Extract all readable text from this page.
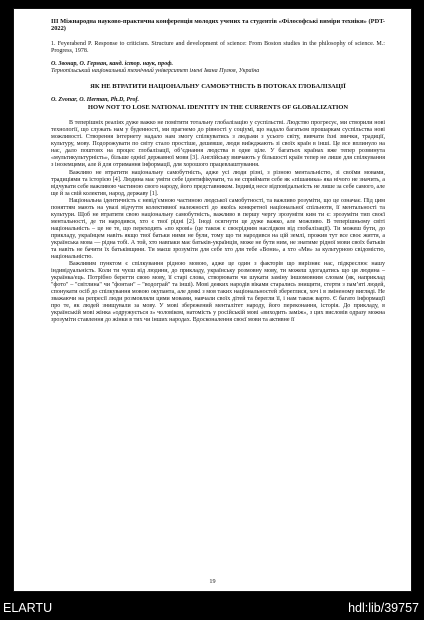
ІІІ Міжнародна науково-практична конференція молодих учених та студентів «Філософські виміри техніки» (PDT-2022)

1. Feyerabend P. Response to criticism. Structure and development of science: From Boston studies in the philosophy of science. M.: Progress, 1978.

О. Звонар, О. Герман, канд. істор. наук, проф.

Тернопільський національний технічний університет імені Івана Пулюя, Україна

ЯК НЕ ВТРАТИТИ НАЦІОНАЛЬНУ САМОБУТНІСТЬ В ПОТОКАХ ГЛОБАЛІЗАЦІЇ

O. Zvonar, O. Herman, Ph.D, Prof.

HOW NOT TO LOSE NATIONAL IDENTITY IN THE CURRENTS OF GLOBALIZATION

В теперішніх реаліях дуже важко не помітити тотальну глобалізацію у суспільстві. Людство прогресує, ми створили нові технології, що служать нам у буденності, ми прагнемо до рівності у соціумі, що надало багатьом прошаркам суспільства нові можливості. Створення інтернету надало нам змогу спілкуватись з людьми з усього світу, вивчати їхні звички, традиції, культуру, мову. Подорожувати по світу стало простіше, дешевше, люди виїжджають зі своїх країн в інші. Це все вплинуло на нас, дало поштовх на процес глобалізації, об’єднання людства в одне ціле. У багатьох країнах вже тепер розвинута «мультикультурність», більше однієї державної мови [3]. Англійську вивчають у більшості країн тепер не лише для спілкування з іноземцями, але й для отримання інформації, для хорошого працевлаштування.

Важливо не втратити національну самобутність, адже усі люди різні, з різною ментальністю, зі своїми мовами, традиціями та історією [4]. Людина має уміти себе ідентифікувати, та не сприймати себе як «пішаника» яка нічого не значить, а відчувати себе важливою частиною свого народу, його представником. Індивід несе відповідальність не лише за себе самого, але ще й за свій колектив, народ, державу [1].

Національна ідентичність є невід’ємною частиною людської самобутності, та важливо розуміти, що це означає. Під цим поняттям мають на увазі відчуття колективної належності до якоїсь конкретної національної спільноти, її ментальності та культури. Щоб не втратити свою національну самобутність, важливо в першу чергу зрозуміти ким ти є: зрозуміти тип своєї ментальності, де ти народився, хто є твої рідні [2]. Іноді осягнути це дуже важко, але можливо. В теперішньому світі національність – це не те, що переходить «по крові» (це також є своєрідним наслідком від глобалізації). Ти можеш бути, до прикладу, українцем навіть якщо твої батьки ними не були, тому що ти народився на цій землі, прожив тут все своє життя, а українська мова — рідна тобі. А той, хто навпаки має батьків-українців, може не бути ним, не знатиме рідної мови своїх батьків та навіть не бачити їх батьківщини. Ти маєш зрозуміти для себе хто для тебе «Вони», а хто «Ми» за культурною свідомістю, національністю.

Важливим пунктом є спілкування рідною мовою, адже це один з факторів що вирізняє нас, підкреслює нашу індивідуальність. Коли ти чуєш від людини, до прикладу, українську розмовну мову, ти можеш здогадатись що ця людина – українка/ець. Потрібно берегти свою мову, її старі слова, створювати чи шукати заміну іншомовним словам (як, наприклад "фото" – "світлина" чи "фонтан" – "водограй" та інші). Мові деяких народів віками старались знищити, стерти з пам’яті людей, спонукати осіб до спілкування мовою окупанта, але деякі з мов таких національностей збереглися, хоч і в зміненому вигляді. Не зважаючи на репресії люди розмовляли цими мовами, навчали своїх дітей та берегли її, і нам також варто. Є багато інформації про те, як людей знищували за мову. У мові збережений менталітет народу, його переконання, історія. До прикладу, в українській мові жінка «одружується з» чоловіком, натомість у російській мові «виходить заміж», з цих висловів одразу можна зрозуміти ставлення до жінки в тих чи інших народах. Вдосконалення своєї мови та активне її

19
ELARTU	hdl:lib/39757
